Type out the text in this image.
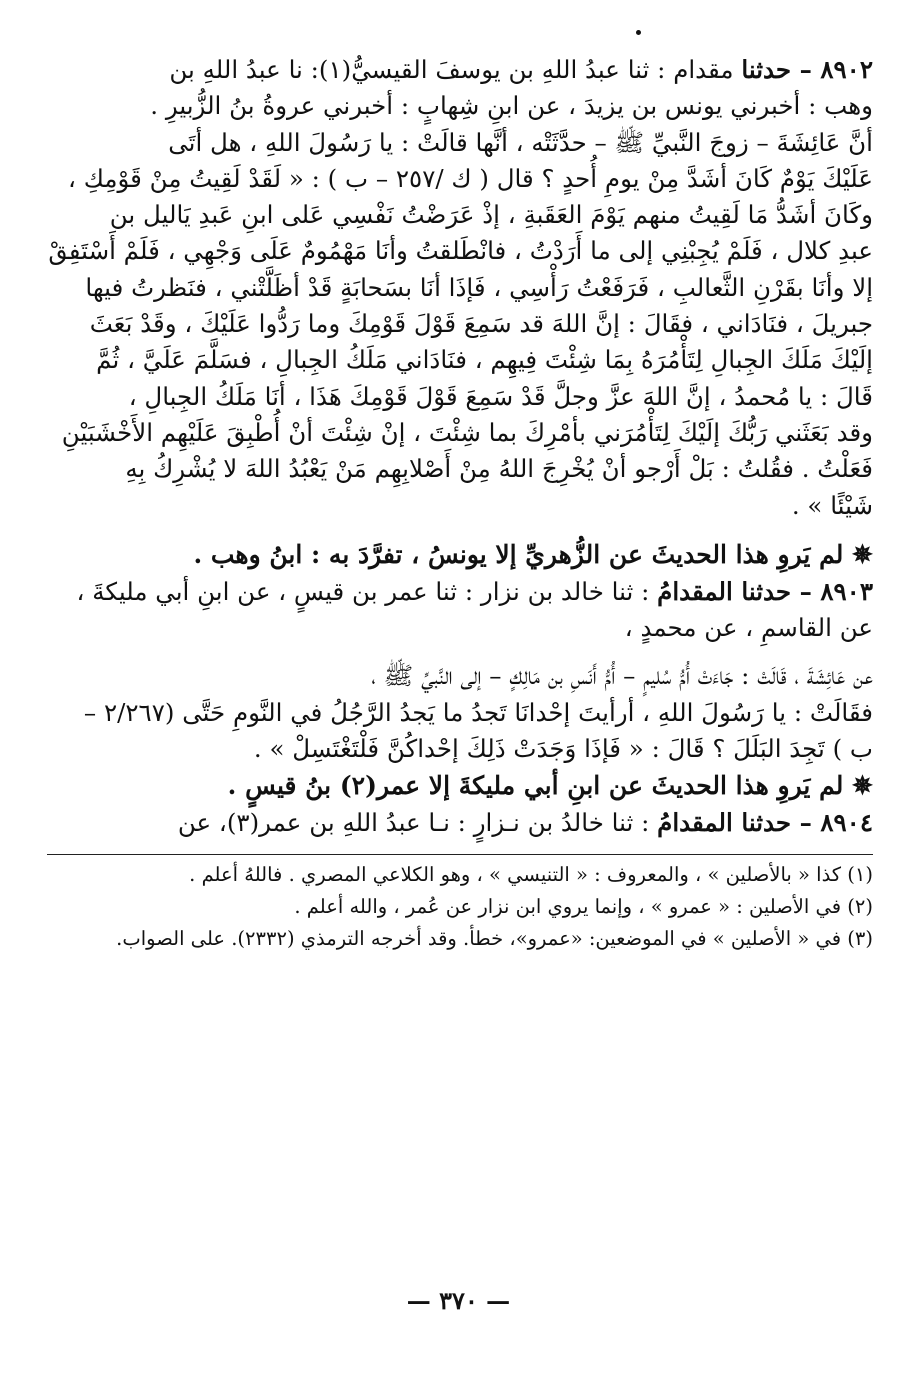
٨٩٠٢ – حدثنا مقدام : ثنا عبدُ اللهِ بن يوسفَ القيسيُّ(١): نا عبدُ اللهِ بن
وهب : أخبرني يونس بن يزيدَ ، عن ابنِ شِهابٍ : أخبرني عروةُ بنُ الزُّبيرِ .
أنَّ عَائِشَةَ – زوجَ النَّبيِّ ﷺ – حدَّثَتْه ، أنَّها قالَتْ : يا رَسُولَ اللهِ ، هل أتَى
عَلَيْكَ يَوْمٌ كَانَ أشَدَّ مِنْ يومِ أُحدٍ ؟ قال ( ك /٢٥٧ – ب ) : « لَقَدْ لَقِيتُ مِنْ قَوْمِكِ ،
وكَانَ أشَدُّ مَا لَقِيتُ منهم يَوْمَ العَقَبةِ ، إذْ عَرَضْتُ نَفْسِي عَلى ابنِ عَبدِ يَاليل بن
عبدِ كلال ، فَلَمْ يُجِبْنِي إلى ما أَرَدْتُ ، فانْطَلقتُ وأنَا مَهْمُومٌ عَلَى وَجْهِي ، فَلَمْ أَسْتَفِقْ
إلا وأنَا بقَرْنِ الثَّعالبِ ، فَرَفَعْتُ رَأْسِي ، فَإذَا أنَا بسَحابَةٍ قَدْ أظَلَّتْني ، فنَظرتُ فيها
جبريلَ ، فنَادَاني ، فقَالَ : إنَّ اللهَ قد سَمِعَ قَوْلَ قَوْمِكَ وما رَدُّوا عَلَيْكَ ، وقَدْ بَعَثَ
إلَيْكَ مَلَكَ الجِبالِ لِتَأْمُرَهُ بِمَا شِئْتَ فِيهِم ، فنَادَاني مَلَكُ الجِبالِ ، فسَلَّمَ عَلَيَّ ، ثُمَّ
قَالَ : يا مُحمدُ ، إنَّ اللهَ عزَّ وجلَّ قَدْ سَمِعَ قَوْلَ قَوْمِكَ هَذَا ، أنَا مَلَكُ الجِبالِ ،
وقد بَعَثَني رَبُّكَ إلَيْكَ لِتَأْمُرَني بأمْرِكَ بما شِئْتَ ، إنْ شِئْتَ أنْ أُطْبِقَ عَلَيْهِم الأَخْشَبَيْنِ
فَعَلْتُ . فقُلتُ : بَلْ أَرْجو أنْ يُخْرِجَ اللهُ مِنْ أَصْلابِهِم مَنْ يَعْبُدُ اللهَ لا يُشْرِكُ بِهِ
شَيْئًا » .
✵ لم يَروِ هذا الحديثَ عن الزُّهريِّ إلا يونسُ ، تفرَّدَ به : ابنُ وهب .
٨٩٠٣ – حدثنا المقدامُ : ثنا خالد بن نزار : ثنا عمر بن قيسٍ ، عن ابنِ أبي مليكةَ ،
عن القاسمِ ، عن محمدٍ ،
عن عَائِشَةَ ، قَالَتْ : جَاءَتْ أُمُّ سُليمٍ – أُمُّ أَنَسِ بن مَالِكٍ – إلى النَّبيِّ ﷺ ،
فقَالَتْ : يا رَسُولَ اللهِ ، أرأيتَ إحْدانَا تَجدُ ما يَجدُ الرَّجُلُ في النَّومِ حَتَّى (٢/٢٦٧ –
ب ) تَجِدَ البَلَلَ ؟ قَالَ : « فَإذَا وَجَدَتْ ذَلِكَ إحْداكُنَّ فَلْتَغْتَسِلْ » .
✵ لم يَروِ هذا الحديثَ عن ابنِ أبي مليكةَ إلا عمر(٢) بنُ قيسٍ .
٨٩٠٤ – حدثنا المقدامُ : ثنا خالدُ بن نـزارٍ : نـا عبدُ اللهِ بن عمر(٣)، عن
(١) كذا « بالأصلين » ، والمعروف : « التنيسي » ، وهو الكلاعي المصري . فاللهُ أعلم .
(٢) في الأصلين : « عمرو » ، وإنما يروي ابن نزار عن عُمر ، والله أعلم .
(٣) في « الأصلين » في الموضعين: «عمرو»، خطأ. وقد أخرجه الترمذي (٢٣٣٢). على الصواب.
— ٣٧٠ —
